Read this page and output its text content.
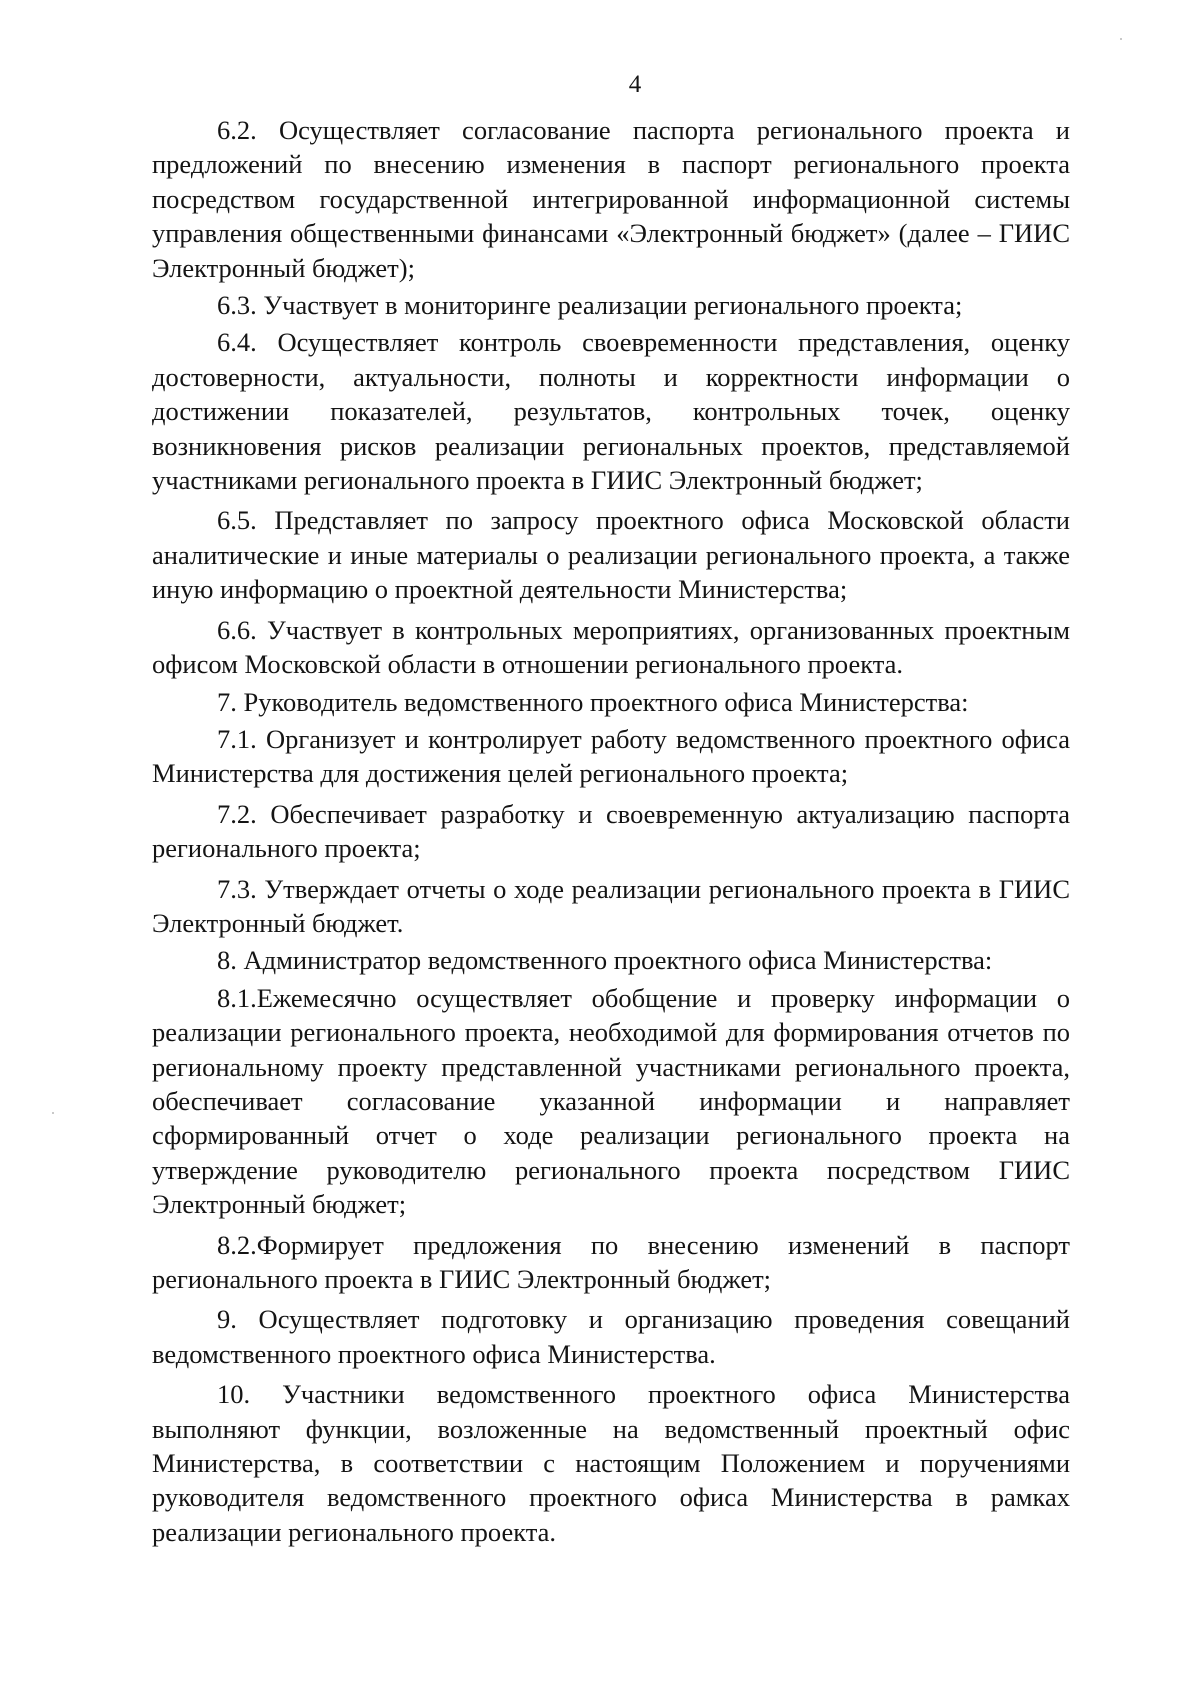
4

6.2. Осуществляет согласование паспорта регионального проекта и предложений по внесению изменения в паспорт регионального проекта посредством государственной интегрированной информационной системы управления общественными финансами «Электронный бюджет» (далее – ГИИС Электронный бюджет);

6.3. Участвует в мониторинге реализации регионального проекта;

6.4. Осуществляет контроль своевременности представления, оценку достоверности, актуальности, полноты и корректности информации о достижении показателей, результатов, контрольных точек, оценку возникновения рисков реализации региональных проектов, представляемой участниками регионального проекта в ГИИС Электронный бюджет;

6.5. Представляет по запросу проектного офиса Московской области аналитические и иные материалы о реализации регионального проекта, а также иную информацию о проектной деятельности Министерства;

6.6. Участвует в контрольных мероприятиях, организованных проектным офисом Московской области в отношении регионального проекта.

7. Руководитель ведомственного проектного офиса Министерства:

7.1. Организует и контролирует работу ведомственного проектного офиса Министерства для достижения целей регионального проекта;

7.2. Обеспечивает разработку и своевременную актуализацию паспорта регионального проекта;

7.3. Утверждает отчеты о ходе реализации регионального проекта в ГИИС Электронный бюджет.

8. Администратор ведомственного проектного офиса Министерства:

8.1.Ежемесячно осуществляет обобщение и проверку информации о реализации регионального проекта, необходимой для формирования отчетов по региональному проекту представленной участниками регионального проекта, обеспечивает согласование указанной информации и направляет сформированный отчет о ходе реализации регионального проекта на утверждение руководителю регионального проекта посредством ГИИС Электронный бюджет;

8.2.Формирует предложения по внесению изменений в паспорт регионального проекта в ГИИС Электронный бюджет;

9. Осуществляет подготовку и организацию проведения совещаний ведомственного проектного офиса Министерства.

10. Участники ведомственного проектного офиса Министерства выполняют функции, возложенные на ведомственный проектный офис Министерства, в соответствии с настоящим Положением и поручениями руководителя ведомственного проектного офиса Министерства в рамках реализации регионального проекта.
